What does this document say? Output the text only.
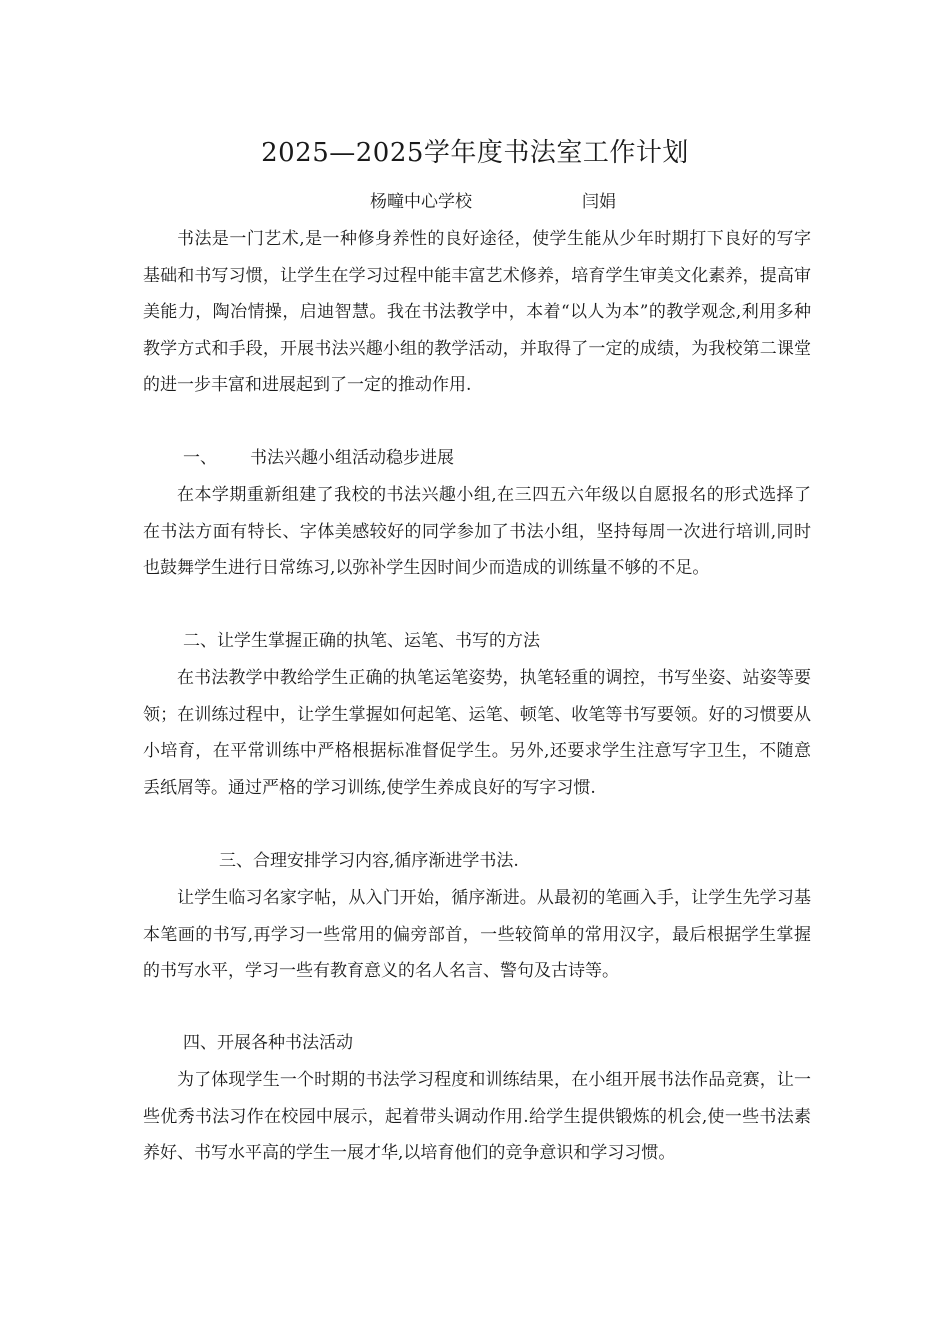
2025—2025学年度书法室工作计划
杨疃中心学校	闫娟

书法是一门艺术,是一种修身养性的良好途径，使学生能从少年时期打下良好的写字基础和书写习惯，让学生在学习过程中能丰富艺术修养，培育学生审美文化素养，提高审美能力，陶冶情操，启迪智慧。我在书法教学中，本着“以人为本”的教学观念,利用多种教学方式和手段，开展书法兴趣小组的教学活动，并取得了一定的成绩，为我校第二课堂的进一步丰富和进展起到了一定的推动作用.

一、 书法兴趣小组活动稳步进展

在本学期重新组建了我校的书法兴趣小组,在三四五六年级以自愿报名的形式选择了在书法方面有特长、字体美感较好的同学参加了书法小组，坚持每周一次进行培训,同时也鼓舞学生进行日常练习,以弥补学生因时间少而造成的训练量不够的不足。

二、让学生掌握正确的执笔、运笔、书写的方法

在书法教学中教给学生正确的执笔运笔姿势，执笔轻重的调控，书写坐姿、站姿等要领；在训练过程中，让学生掌握如何起笔、运笔、顿笔、收笔等书写要领。好的习惯要从小培育，在平常训练中严格根据标准督促学生。另外,还要求学生注意写字卫生，不随意丢纸屑等。通过严格的学习训练,使学生养成良好的写字习惯.

三、合理安排学习内容,循序渐进学书法.

让学生临习名家字帖，从入门开始，循序渐进。从最初的笔画入手，让学生先学习基本笔画的书写,再学习一些常用的偏旁部首，一些较简单的常用汉字，最后根据学生掌握的书写水平，学习一些有教育意义的名人名言、警句及古诗等。

四、开展各种书法活动

为了体现学生一个时期的书法学习程度和训练结果，在小组开展书法作品竞赛，让一些优秀书法习作在校园中展示，起着带头调动作用.给学生提供锻炼的机会,使一些书法素养好、书写水平高的学生一展才华,以培育他们的竞争意识和学习习惯。
